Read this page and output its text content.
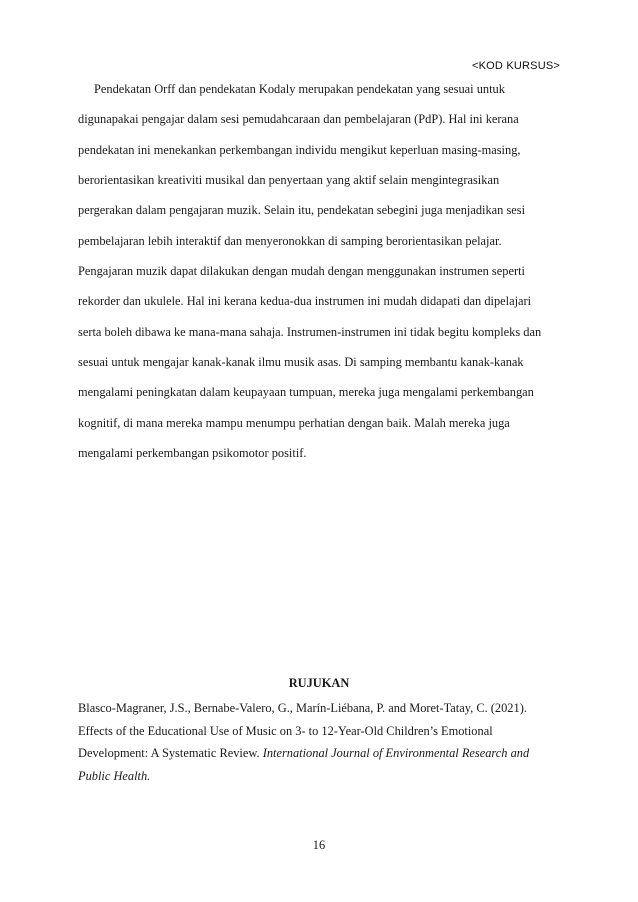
<KOD KURSUS>
Pendekatan Orff dan pendekatan Kodaly merupakan pendekatan yang sesuai untuk
digunapakai pengajar dalam sesi pemudahcaraan dan pembelajaran (PdP). Hal ini kerana
pendekatan ini menekankan perkembangan individu mengikut keperluan masing-masing,
berorientasikan kreativiti musikal dan penyertaan yang aktif selain mengintegrasikan
pergerakan dalam pengajaran muzik. Selain itu, pendekatan sebegini juga menjadikan sesi
pembelajaran lebih interaktif dan menyeronokkan di samping berorientasikan pelajar.
Pengajaran muzik dapat dilakukan dengan mudah dengan menggunakan instrumen seperti
rekorder dan ukulele. Hal ini kerana kedua-dua instrumen ini mudah didapati dan dipelajari
serta boleh dibawa ke mana-mana sahaja. Instrumen-instrumen ini tidak begitu kompleks dan
sesuai untuk mengajar kanak-kanak ilmu musik asas. Di samping membantu kanak-kanak
mengalami peningkatan dalam keupayaan tumpuan, mereka juga mengalami perkembangan
kognitif, di mana mereka mampu menumpu perhatian dengan baik. Malah mereka juga
mengalami perkembangan psikomotor positif.
RUJUKAN
Blasco-Magraner, J.S., Bernabe-Valero, G., Marín-Liébana, P. and Moret-Tatay, C. (2021).
Effects of the Educational Use of Music on 3- to 12-Year-Old Children’s Emotional
Development: A Systematic Review. International Journal of Environmental Research and
Public Health.
16
